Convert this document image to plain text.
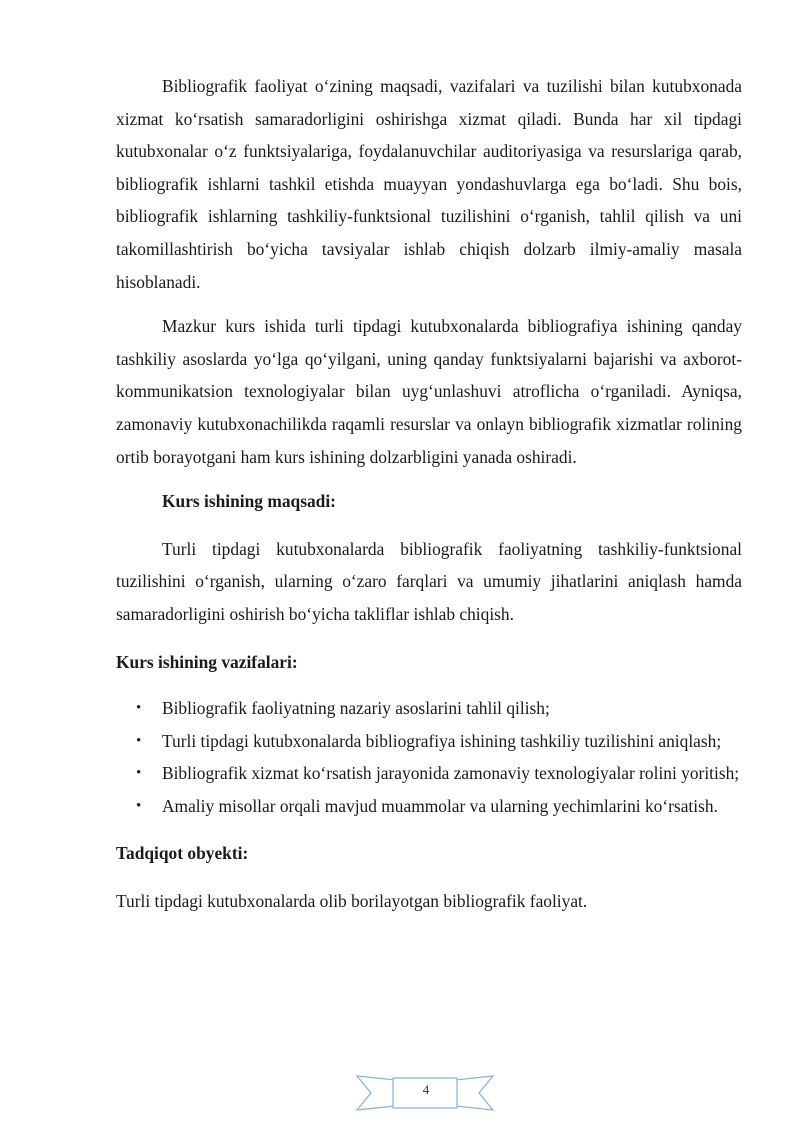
Bibliografik faoliyat o‘zining maqsadi, vazifalari va tuzilishi bilan kutubxonada xizmat ko‘rsatish samaradorligini oshirishga xizmat qiladi. Bunda har xil tipdagi kutubxonalar o‘z funktsiyalariga, foydalanuvchilar auditoriyasiga va resurslariga qarab, bibliografik ishlarni tashkil etishda muayyan yondashuvlarga ega bo‘ladi. Shu bois, bibliografik ishlarning tashkiliy-funktsional tuzilishini o‘rganish, tahlil qilish va uni takomillashtirish bo‘yicha tavsiyalar ishlab chiqish dolzarb ilmiy-amaliy masala hisoblanadi.

Mazkur kurs ishida turli tipdagi kutubxonalarda bibliografiya ishining qanday tashkiliy asoslarda yo‘lga qo‘yilgani, uning qanday funktsiyalarni bajarishi va axborot-kommunikatsion texnologiyalar bilan uyg‘unlashuvi atroflicha o‘rganiladi. Ayniqsa, zamonaviy kutubxonachilikda raqamli resurslar va onlayn bibliografik xizmatlar rolining ortib borayotgani ham kurs ishining dolzarbligini yanada oshiradi.

Kurs ishining maqsadi:

Turli tipdagi kutubxonalarda bibliografik faoliyatning tashkiliy-funktsional tuzilishini o‘rganish, ularning o‘zaro farqlari va umumiy jihatlarini aniqlash hamda samaradorligini oshirish bo‘yicha takliflar ishlab chiqish.

Kurs ishining vazifalari:
• Bibliografik faoliyatning nazariy asoslarini tahlil qilish;
• Turli tipdagi kutubxonalarda bibliografiya ishining tashkiliy tuzilishini aniqlash;
• Bibliografik xizmat ko‘rsatish jarayonida zamonaviy texnologiyalar rolini yoritish;
• Amaliy misollar orqali mavjud muammolar va ularning yechimlarini ko‘rsatish.
Tadqiqot obyekti:

Turli tipdagi kutubxonalarda olib borilayotgan bibliografik faoliyat.

4
